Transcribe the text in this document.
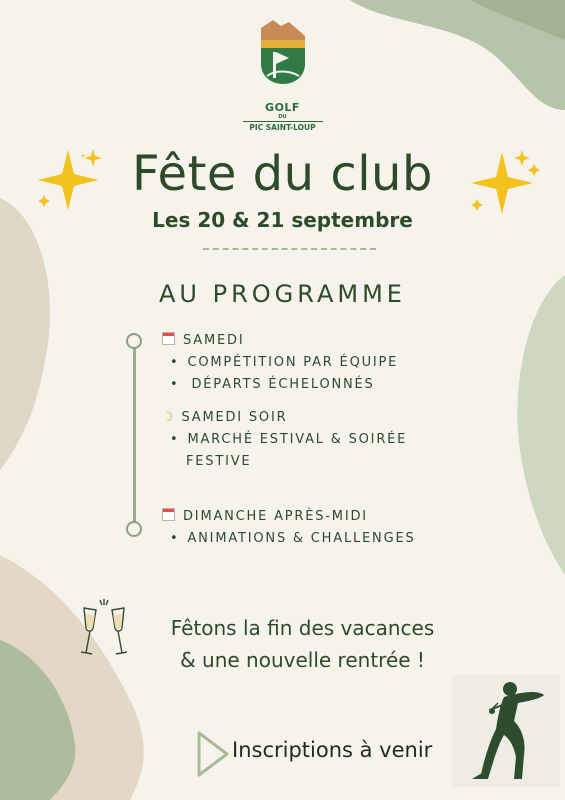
GOLF
DU
PIC SAINT-LOUP
Fête du club
Les 20 & 21 septembre
AU PROGRAMME
SAMEDI
• COMPÉTITION PAR ÉQUIPE
• DÉPARTS ÉCHELONNÉS
☽ SAMEDI SOIR
• MARCHÉ ESTIVAL & SOIRÉE
FESTIVE
DIMANCHE APRÈS-MIDI
• ANIMATIONS & CHALLENGES
Fêtons la fin des vacances
& une nouvelle rentrée !
Inscriptions à venir
